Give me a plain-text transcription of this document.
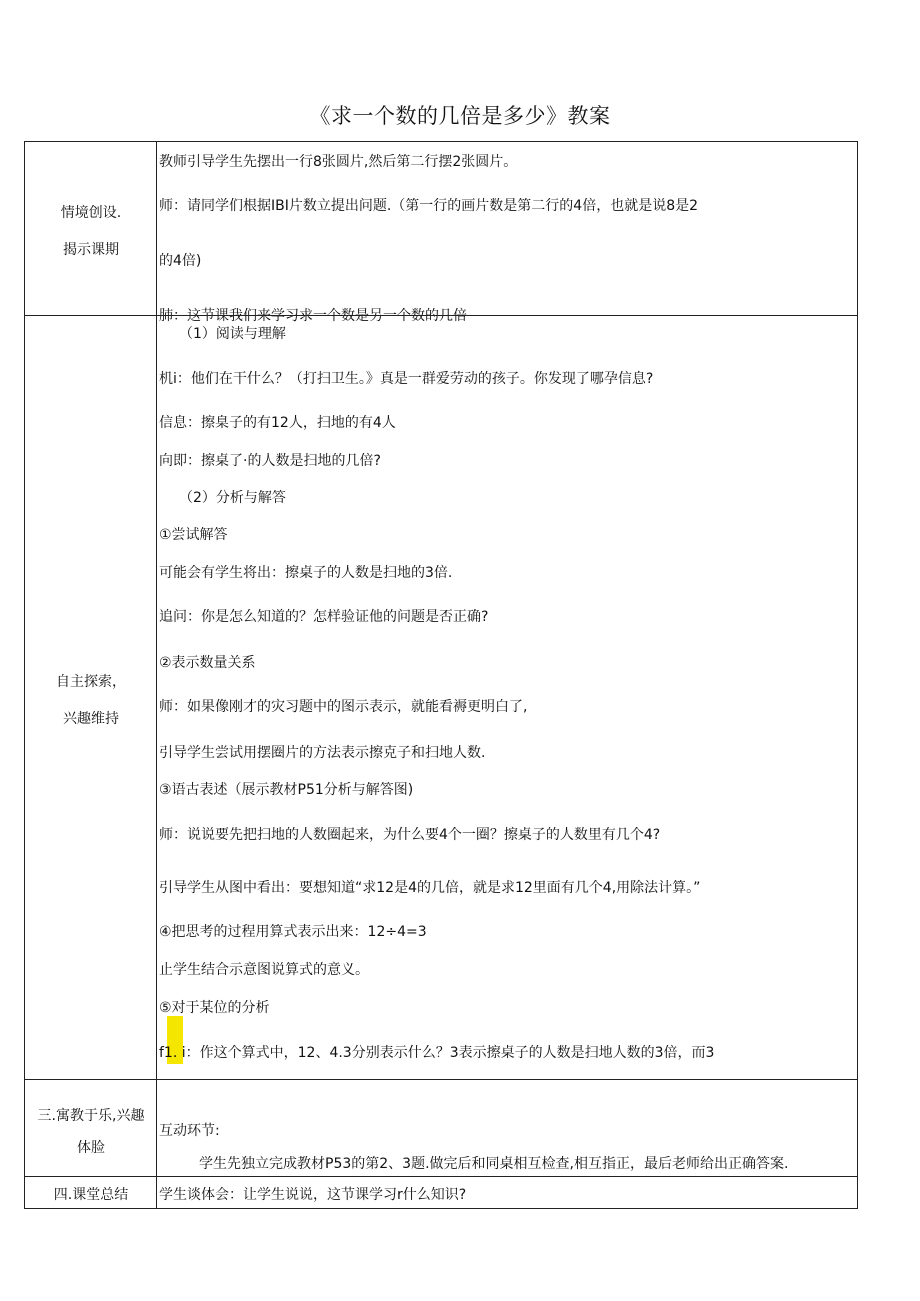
《求一个数的几倍是多少》教案
情境创设.
揭示课期
教师引导学生先摆出一行8张圆片,然后第二行摆2张圆片。
师：请同学们根据IBI片数立提出问题.（第一行的画片数是第二行的4倍，也就是说8是2
的4倍)
肺：这节课我们来学习求一个数是另一个数的几倍
自主探索，
兴趣维持
（1）阅读与理解
机i：他们在干什么？（打扫卫生。》真是一群爱劳动的孩子。你发现了哪孕信息?
信息：擦臬子的有12人，扫地的有4人
向即：擦桌了·的人数是扫地的几倍?
（2）分析与解答
①尝试解答
可能会有学生将出：擦桌子的人数是扫地的3倍.
追问：你是怎么知道的？怎样验证他的问题是否正确?
②表示数量关系
师：如果像刚才的灾习题中的图示表示，就能看褥更明白了,
引导学生尝试用摆圈片的方法表示擦克子和扫地人数.
③语古表述（展示教材P51分析与解答图)
师：说说要先把扫地的人数圈起来，为什么要4个一圈？擦桌子的人数里有几个4?
引导学生从图中看出：要想知道“求12是4的几倍，就是求12里面有几个4,用除法计算。”
④把思考的过程用算式表示出来：12÷4=3
止学生结合示意图说算式的意义。
⑤对于某位的分析
f1. i：作这个算式中，12、4.3分别表示什么？3表示擦桌子的人数是扫地人数的3倍，而3
三.寓教于乐,兴趣
体脸
互动环节:
学生先独立完成教材P53的第2、3题.做完后和同桌相互检查,相互指正，最后老师给出正确答案.
四.课堂总结	学生谈体会：让学生说说，这节课学习r什么知识?
